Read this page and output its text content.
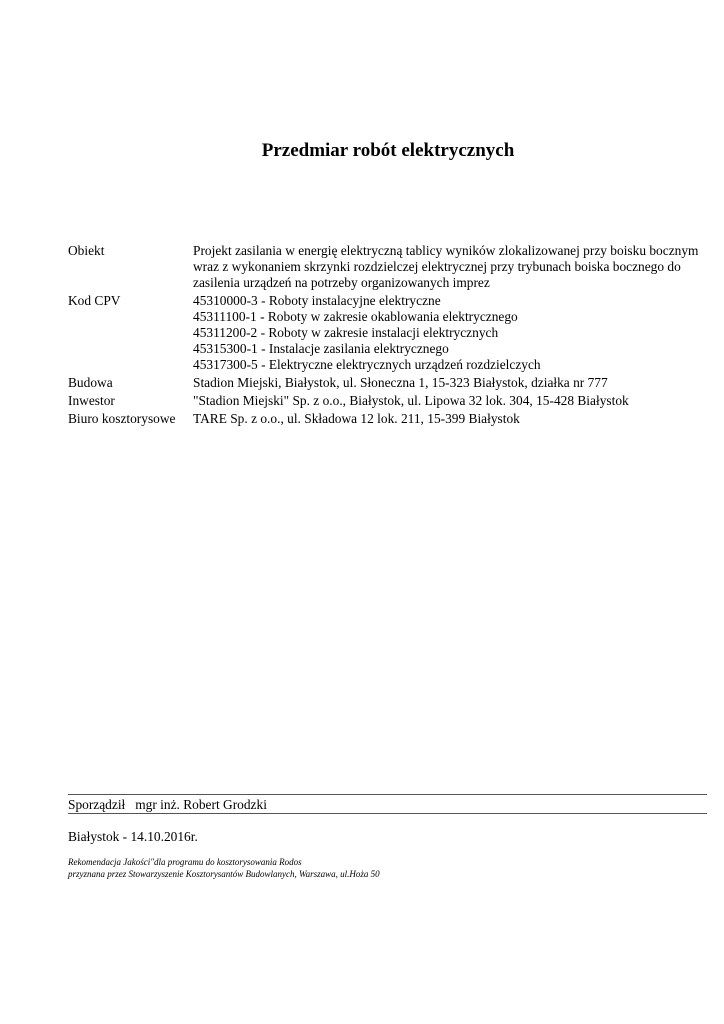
Przedmiar robót elektrycznych
Obiekt	Projekt zasilania w energię elektryczną tablicy wyników zlokalizowanej przy boisku bocznym
wraz z wykonaniem skrzynki rozdzielczej elektrycznej przy trybunach boiska bocznego do
zasilenia urządzeń na potrzeby organizowanych imprez
Kod CPV	45310000-3 - Roboty instalacyjne elektryczne
45311100-1 - Roboty w zakresie okablowania elektrycznego
45311200-2 - Roboty w zakresie instalacji elektrycznych
45315300-1 - Instalacje zasilania elektrycznego
45317300-5 - Elektryczne elektrycznych urządzeń rozdzielczych
Budowa	Stadion Miejski, Białystok, ul. Słoneczna 1, 15-323 Białystok, działka nr 777
Inwestor	"Stadion Miejski" Sp. z o.o., Białystok, ul. Lipowa 32 lok. 304, 15-428 Białystok
Biuro kosztorysowe	TARE Sp. z o.o., ul. Składowa 12 lok. 211, 15-399 Białystok
Sporządził mgr inż. Robert Grodzki
Białystok - 14.10.2016r.
Rekomendacja Jakości"dla programu do kosztorysowania Rodos
przyznana przez Stowarzyszenie Kosztorysantów Budowlanych, Warszawa, ul.Hoża 50
